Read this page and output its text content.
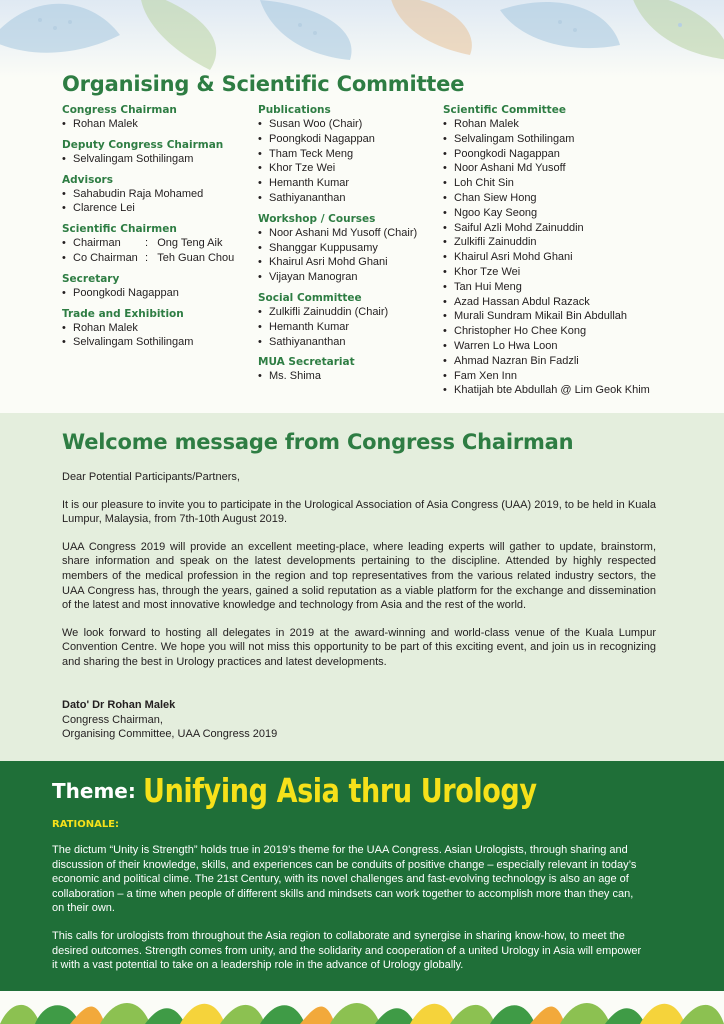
Organising & Scientific Committee
Congress Chairman
• Rohan Malek
Deputy Congress Chairman
• Selvalingam Sothilingam
Advisors
• Sahabudin Raja Mohamed
• Clarence Lei
Scientific Chairmen
• Chairman : Ong Teng Aik
• Co Chairman : Teh Guan Chou
Secretary
• Poongkodi Nagappan
Trade and Exhibition
• Rohan Malek
• Selvalingam Sothilingam
Publications
• Susan Woo (Chair)
• Poongkodi Nagappan
• Tham Teck Meng
• Khor Tze Wei
• Hemanth Kumar
• Sathiyananthan
Workshop / Courses
• Noor Ashani Md Yusoff (Chair)
• Shanggar Kuppusamy
• Khairul Asri Mohd Ghani
• Vijayan Manogran
Social Committee
• Zulkifli Zainuddin (Chair)
• Hemanth Kumar
• Sathiyananthan
MUA Secretariat
• Ms. Shima
Scientific Committee
• Rohan Malek
• Selvalingam Sothilingam
• Poongkodi Nagappan
• Noor Ashani Md Yusoff
• Loh Chit Sin
• Chan Siew Hong
• Ngoo Kay Seong
• Saiful Azli Mohd Zainuddin
• Zulkifli Zainuddin
• Khairul Asri Mohd Ghani
• Khor Tze Wei
• Tan Hui Meng
• Azad Hassan Abdul Razack
• Murali Sundram Mikail Bin Abdullah
• Christopher Ho Chee Kong
• Warren Lo Hwa Loon
• Ahmad Nazran Bin Fadzli
• Fam Xen Inn
• Khatijah bte Abdullah @ Lim Geok Khim
Welcome message from Congress Chairman

Dear Potential Participants/Partners,

It is our pleasure to invite you to participate in the Urological Association of Asia Congress (UAA) 2019, to be held in Kuala Lumpur, Malaysia, from 7th-10th August 2019.

UAA Congress 2019 will provide an excellent meeting-place, where leading experts will gather to update, brainstorm, share information and speak on the latest developments pertaining to the discipline. Attended by highly respected members of the medical profession in the region and top representatives from the various related industry sectors, the UAA Congress has, through the years, gained a solid reputation as a viable platform for the exchange and dissemination of the latest and most innovative knowledge and technology from Asia and the rest of the world.

We look forward to hosting all delegates in 2019 at the award-winning and world-class venue of the Kuala Lumpur Convention Centre. We hope you will not miss this opportunity to be part of this exciting event, and join us in recognizing and sharing the best in Urology practices and latest developments.

Dato' Dr Rohan Malek
Congress Chairman,
Organising Committee, UAA Congress 2019
Theme: Unifying Asia thru Urology
RATIONALE:

The dictum “Unity is Strength” holds true in 2019’s theme for the UAA Congress. Asian Urologists, through sharing and discussion of their knowledge, skills, and experiences can be conduits of positive change – especially relevant in today’s economic and political clime. The 21st Century, with its novel challenges and fast-evolving technology is also an age of collaboration – a time when people of different skills and mindsets can work together to accomplish more than they can, on their own.

This calls for urologists from throughout the Asia region to collaborate and synergise in sharing know-how, to meet the desired outcomes. Strength comes from unity, and the solidarity and cooperation of a united Urology in Asia will empower it with a vast potential to take on a leadership role in the advance of Urology globally.
